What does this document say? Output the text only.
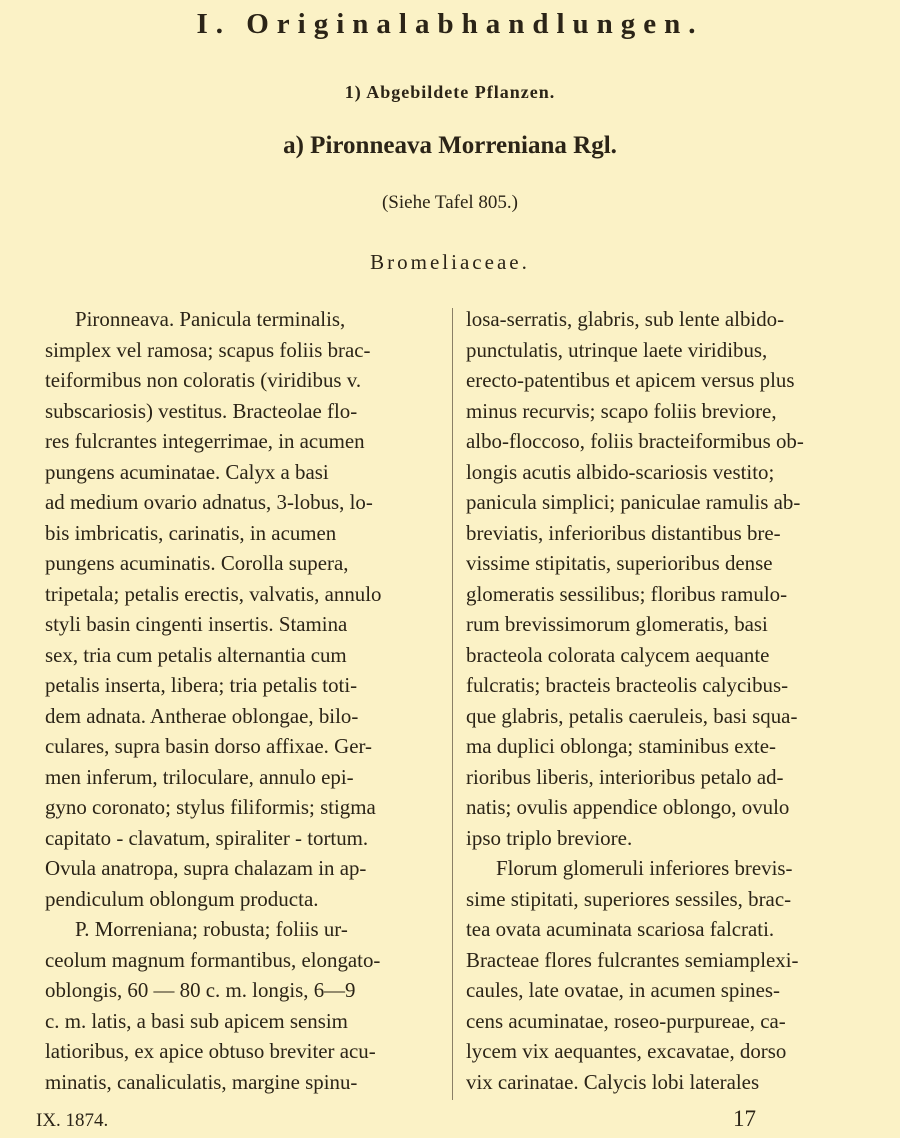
I. Originalabhandlungen.
1) Abgebildete Pflanzen.
a) Pironneava Morreniana Rgl.
(Siehe Tafel 805.)
Bromeliaceae.
Pironneava. Panicula terminalis,
simplex vel ramosa; scapus foliis brac-
teiformibus non coloratis (viridibus v.
subscariosis) vestitus. Bracteolae flo-
res fulcrantes integerrimae, in acumen
pungens acuminatae. Calyx a basi
ad medium ovario adnatus, 3-lobus, lo-
bis imbricatis, carinatis, in acumen
pungens acuminatis. Corolla supera,
tripetala; petalis erectis, valvatis, annulo
styli basin cingenti insertis. Stamina
sex, tria cum petalis alternantia cum
petalis inserta, libera; tria petalis toti-
dem adnata. Antherae oblongae, bilo-
culares, supra basin dorso affixae. Ger-
men inferum, triloculare, annulo epi-
gyno coronato; stylus filiformis; stigma
capitato - clavatum, spiraliter - tortum.
Ovula anatropa, supra chalazam in ap-
pendiculum oblongum producta.
P. Morreniana; robusta; foliis ur-
ceolum magnum formantibus, elongato-
oblongis, 60 — 80 c. m. longis, 6—9
c. m. latis, a basi sub apicem sensim
latioribus, ex apice obtuso breviter acu-
minatis, canaliculatis, margine spinu-
losa-serratis, glabris, sub lente albido-
punctulatis, utrinque laete viridibus,
erecto-patentibus et apicem versus plus
minus recurvis; scapo foliis breviore,
albo-floccoso, foliis bracteiformibus ob-
longis acutis albido-scariosis vestito;
panicula simplici; paniculae ramulis ab-
breviatis, inferioribus distantibus bre-
vissime stipitatis, superioribus dense
glomeratis sessilibus; floribus ramulo-
rum brevissimorum glomeratis, basi
bracteola colorata calycem aequante
fulcratis; bracteis bracteolis calycibus-
que glabris, petalis caeruleis, basi squa-
ma duplici oblonga; staminibus exte-
rioribus liberis, interioribus petalo ad-
natis; ovulis appendice oblongo, ovulo
ipso triplo breviore.
Florum glomeruli inferiores brevis-
sime stipitati, superiores sessiles, brac-
tea ovata acuminata scariosa falcrati.
Bracteae flores fulcrantes semiamplexi-
caules, late ovatae, in acumen spines-
cens acuminatae, roseo-purpureae, ca-
lycem vix aequantes, excavatae, dorso
vix carinatae. Calycis lobi laterales
IX. 1874.	17
